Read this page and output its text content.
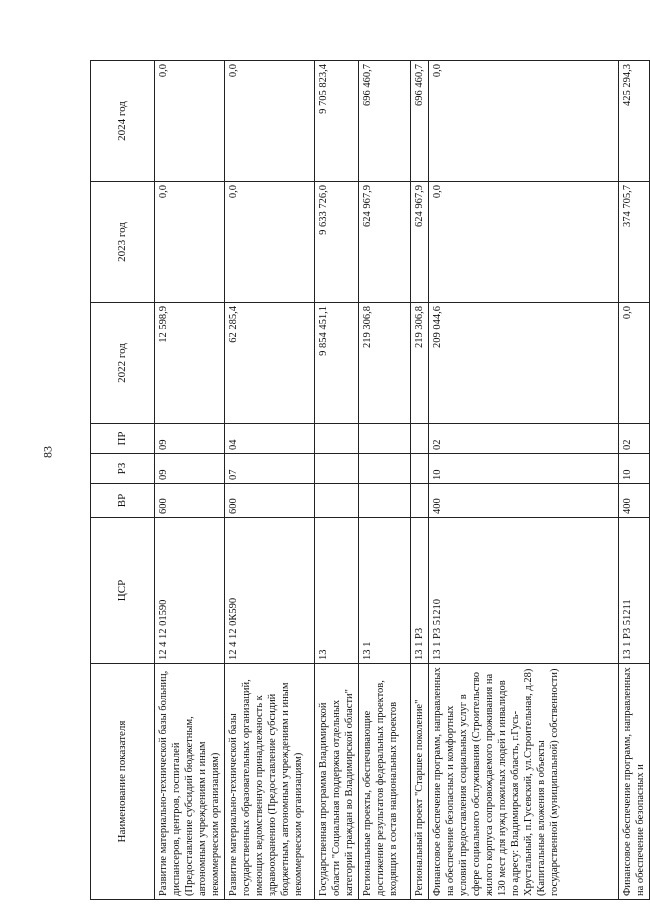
83
Наименование показателя	ЦСР	ВР	РЗ	ПР	2022 год	2023 год	2024 год
Развитие материально-технической базы больниц, диспансеров, центров, госпиталей (Предоставление субсидий бюджетным, автономным учреждениям и иным некоммерческим организациям)	12 4 12 01590	600	09	09	12 598,9	0,0	0,0
Развитие материально-технической базы государственных образовательных организаций, имеющих ведомственную принадлежность к здравоохранению (Предоставление субсидий бюджетным, автономным учреждениям и иным некоммерческим организациям)	12 4 12 0К590	600	07	04	62 285,4	0,0	0,0
Государственная программа Владимирской области "Социальная поддержка отдельных категорий граждан во Владимирской области"	13				9 854 451,1	9 633 726,0	9 705 823,4
Региональные проекты, обеспечивающие достижение результатов федеральных проектов, входящих в состав национальных проектов	13 1				219 306,8	624 967,9	696 460,7
Региональный проект "Старшее поколение"	13 1 P3				219 306,8	624 967,9	696 460,7
Финансовое обеспечение программ, направленных на обеспечение безопасных и комфортных условий предоставления социальных услуг в сфере социального обслуживания (Строительство жилого корпуса сопровождаемого проживания на 130 мест для нужд пожилых людей и инвалидов по адресу: Владимирская область, г.Гусь-Хрустальный, п.Гусевский, ул.Строительная, д.28) (Капитальные вложения в объекты государственной (муниципальной) собственности)	13 1 P3 51210	400	10	02	209 044,6	0,0	0,0
Финансовое обеспечение программ, направленных на обеспечение безопасных и	13 1 P3 51211	400	10	02	0,0	374 705,7	425 294,3
